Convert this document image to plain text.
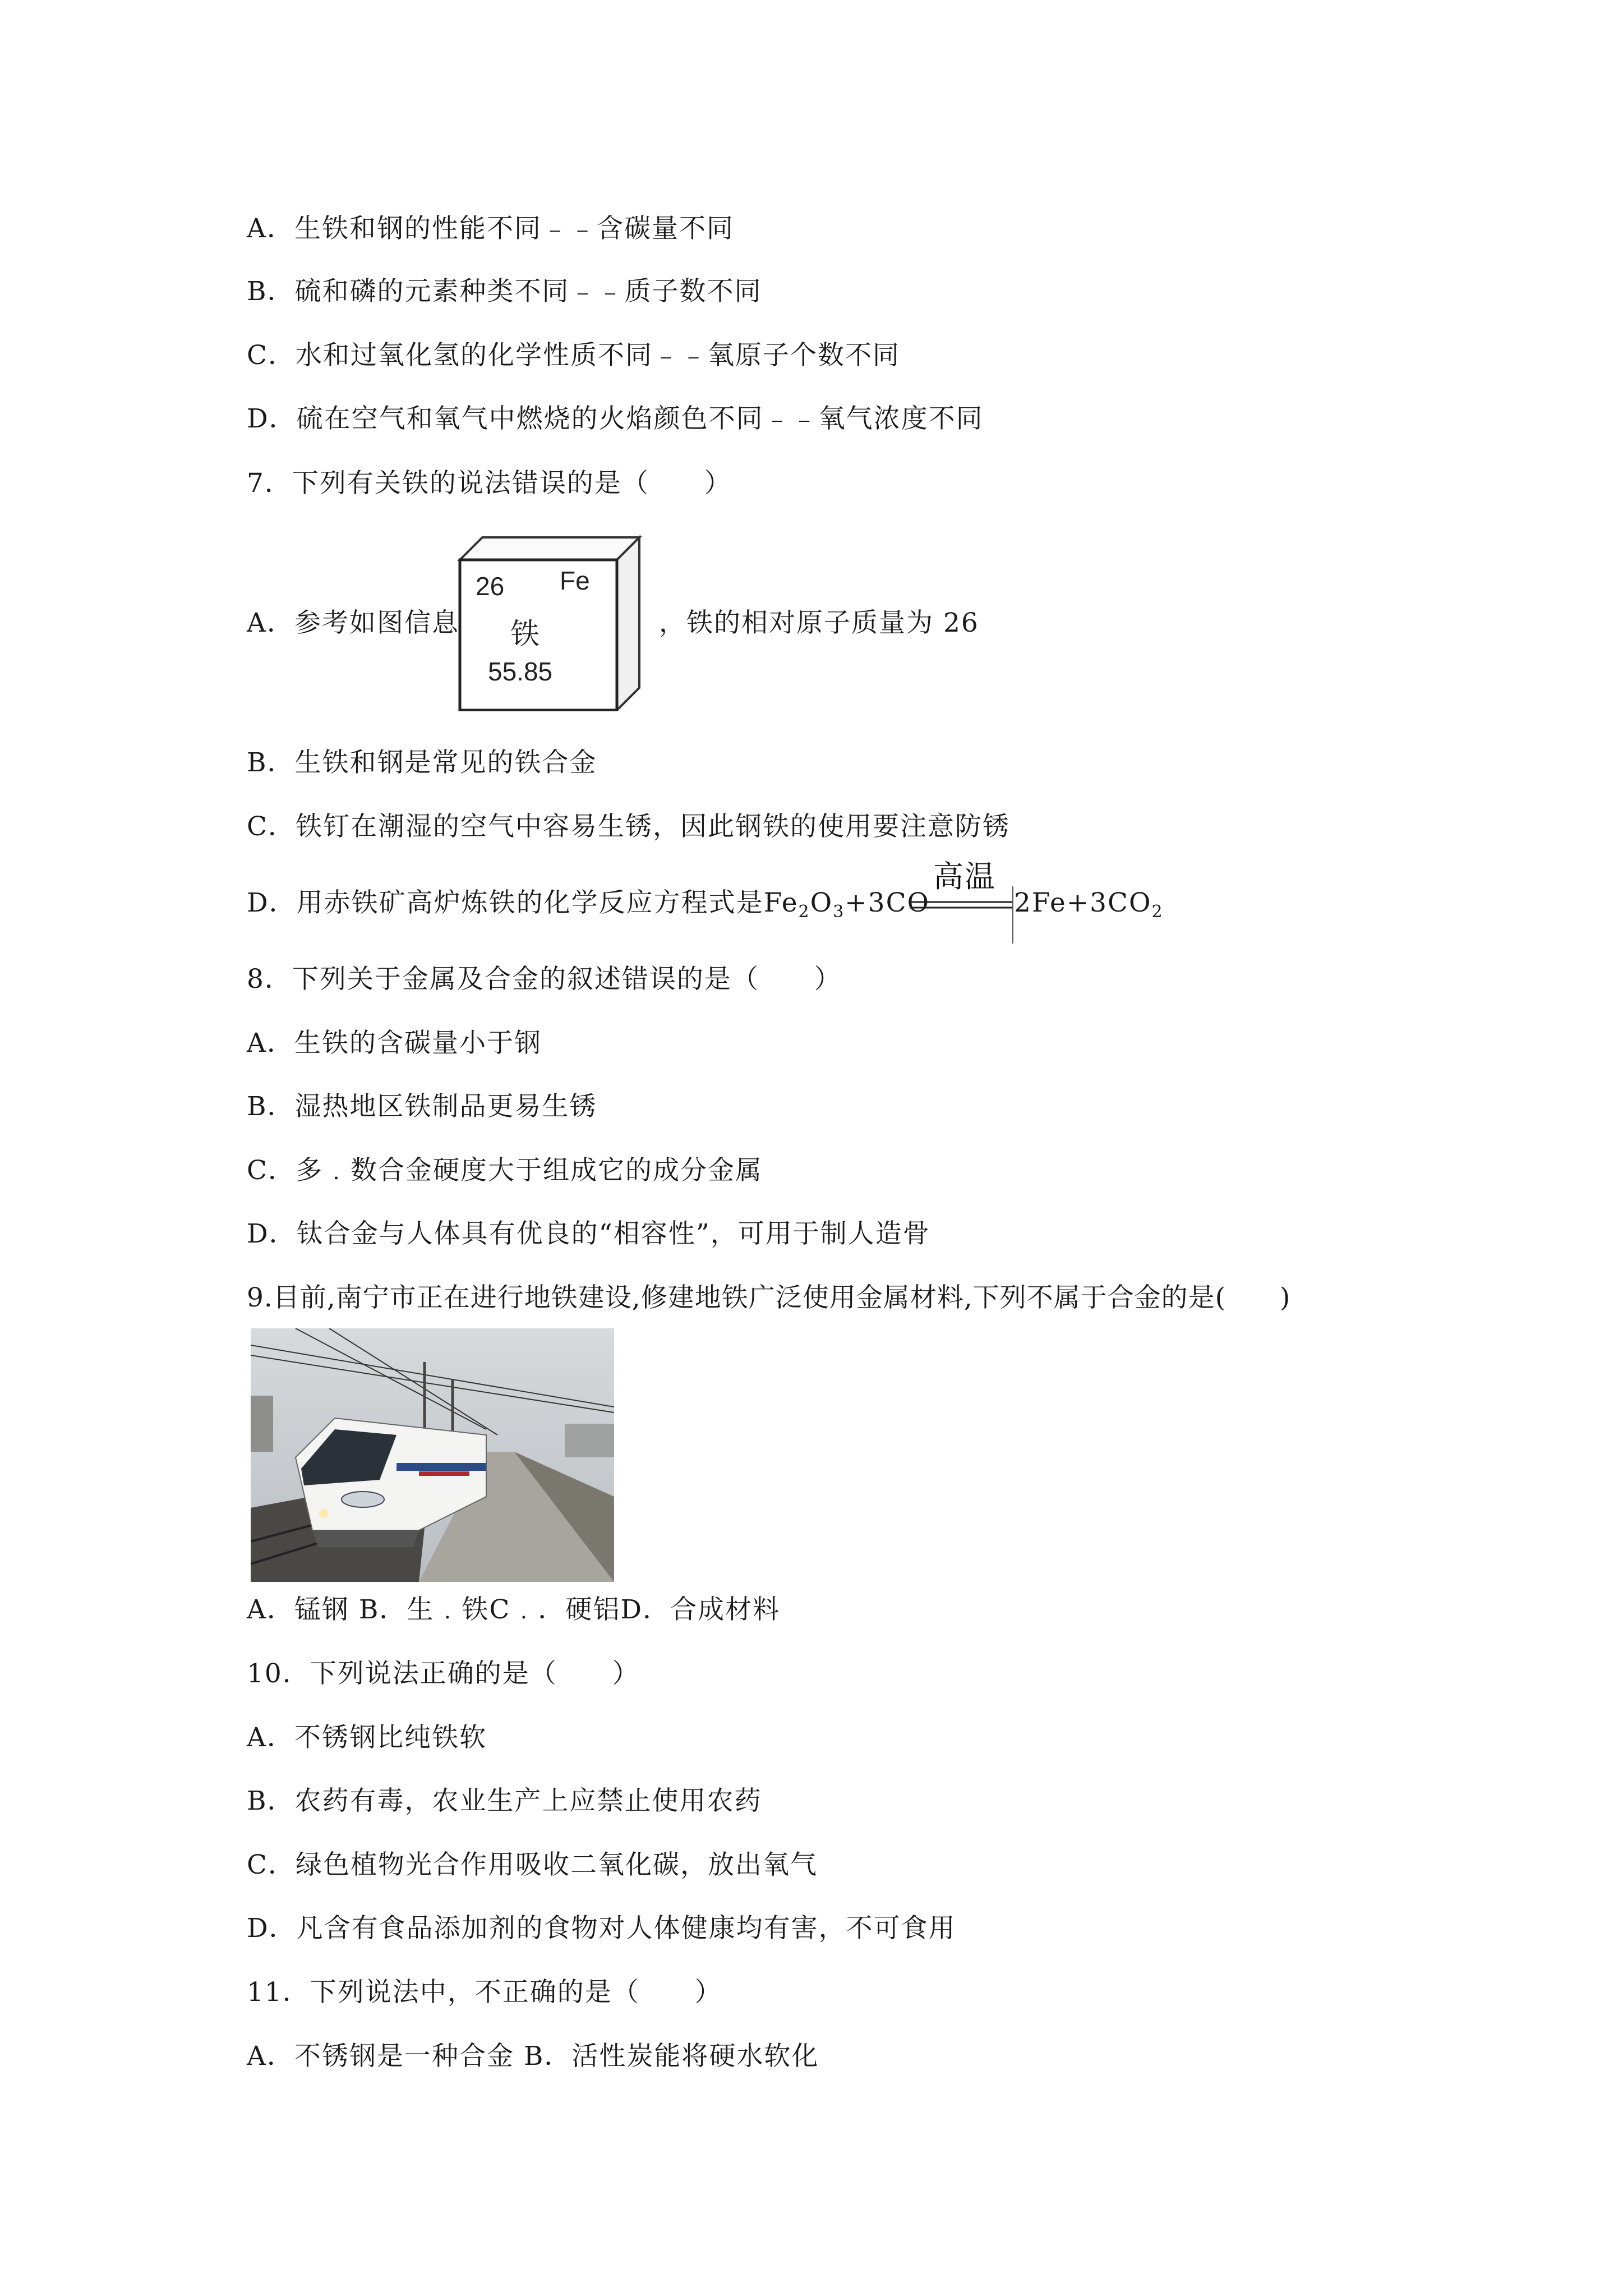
A．生铁和钢的性能不同﹣﹣含碳量不同
B．硫和磷的元素种类不同﹣﹣质子数不同
C．水和过氧化氢的化学性质不同﹣﹣氧原子个数不同
D．硫在空气和氧气中燃烧的火焰颜色不同﹣﹣氧气浓度不同
7．下列有关铁的说法错误的是（　　）
A．参考如图信息
26 Fe
铁
55.85
，铁的相对原子质量为 26
B．生铁和钢是常见的铁合金
C．铁钉在潮湿的空气中容易生锈，因此钢铁的使用要注意防锈
D．用赤铁矿高炉炼铁的化学反应方程式是$Fe_2O_3+3CO$
高温
$2Fe+3CO_2$
8．下列关于金属及合金的叙述错误的是（　　）
A．生铁的含碳量小于钢
B．湿热地区铁制品更易生锈
C．多﹒数合金硬度大于组成它的成分金属
D．钛合金与人体具有优良的“相容性”，可用于制人造骨
9.目前,南宁市正在进行地铁建设,修建地铁广泛使用金属材料,下列不属于合金的是(　　)
A．锰钢 B．生﹒铁C﹒．硬铝D．合成材料
10．下列说法正确的是（　　）
A．不锈钢比纯铁软
B．农药有毒，农业生产上应禁止使用农药
C．绿色植物光合作用吸收二氧化碳，放出氧气
D．凡含有食品添加剂的食物对人体健康均有害，不可食用
11．下列说法中，不正确的是（　　）
A．不锈钢是一种合金 B．活性炭能将硬水软化
